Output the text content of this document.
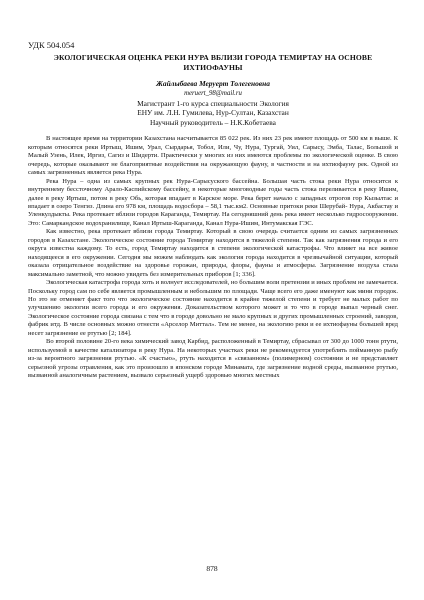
УДК 504.054

ЭКОЛОГИЧЕСКАЯ ОЦЕНКА РЕКИ НУРА ВБЛИЗИ ГОРОДА ТЕМИРТАУ НА ОСНОВЕ ИХТИОФАУНЫ

Жайлыбаева Меруерт Толегеновна

meruert_98@mail.ru

Магистрант 1-го курса специальности Экология

ЕНУ им. Л.Н. Гумилева, Нур-Султан, Казахстан

Научный руководитель – Н.К.Кобетаева

В настоящее время на территории Казахстана насчитывается 85 022 рек. Из них 23 рек имеют площадь от 500 км в выше. К которым относятся реки Иртыш, Ишим, Урал, Сырдарья, Тобол, Или, Чу, Нура, Тургай, Уил, Сарысу, Эмба, Талас, Большой и Малый Узень, Илек, Иргиз, Сагиз и Шидерти. Практически у многих из них имеются проблемы по экологической оценке. В свою очередь, которые оказывают не благоприятные воздействия на окружающую фауну, в частности и на ихтиофауну рек. Одной из самых загрязненных является река Нура.

Река Нура – одна из самых крупных рек Нура-Сарысуского бассейна. Большая часть стока реки Нура относится к внутреннему бессточному Арало-Каспийскому бассейну, в некоторые многоводные годы часть стока переливается в реку Ишим, далее в реку Иртыш, потом в реку Обь, которая впадает в Карское море. Река берет начало с западных отрогов гор Кызылтас и впадает в озеро Тенгиз. Длина его 978 км, площадь водосбора – 58,1 тыс.км2. Основные притоки реки Шерубай- Нура, Акбастау и Уленкулдыкты. Река протекает вблизи городов Караганда, Темиртау. На сегодняшний день река имеет несколько гидросооружении. Это: Самаркандское водохранилище, Канал Иртыш-Караганда, Канал Нура-Ишим, Интумакская ГЭС.

Как известно, река протекает вблизи города Темиртау. Который в свою очередь считается одним из самых загрязненных городов в Казахстане. Экологическое состояние города Темиртау находится в тяжелой степени. Так как загрязнения города и его округа известна каждому. То есть, город Темиртау находится в степени экологической катастрофы. Что влияет на все живое находящееся в его окружении. Сегодня мы можем наблюдать как экология города находится в чрезвычайной ситуации, который оказала отрицательное воздействие на здоровье горожан, природы, флоры, фауны и атмосферы. Загрязнение воздуха стала максимально заметной, что можно увидеть без измерительных приборов [1; 336].

Экологическая катастрофа города хоть и волнует исследователей, но большим воли претензии и иных проблем не замечается. Поскольку город сам по себе является промышленным и небольшим по площади. Чаще всего его даже именуют как мини городок. Но это не отменяет факт того что экологическое состояние находится в крайне тяжелой степени и требует не малых работ по улучшению экологии всего города и его окружения. Доказательством которого может и то что в городе выпал черный снег. Экологическое состояние города связана с тем что в городе довольно не мало крупных и других промышленных строений, заводов, фабрик итд. В числе основных можно отнести «Арселор Миттал». Тем не менее, на экологию реки и ее ихтиофауны большей вред несет загрязнение ее ртутью [2; 184].

Во второй половине 20-го века химический завод Карбид, расположенный в Темиртау, сбрасывал от 300 до 1000 тонн ртути, используемой в качестве катализатора в реку Нура. На некоторых участках реки не рекомендуется употреблять пойманную рыбу из-за вероятного загрязнения ртутью. «К счастью», ртуть находится в «связанном» (полимерном) состоянии и не представляет серьезной угрозы отравления, как это произошло в японском городе Минамата, где загрязнение водной среды, вызванное ртутью, вызванной аналогичным растением, вызвало серьезный ущерб здоровью многих местных

878
